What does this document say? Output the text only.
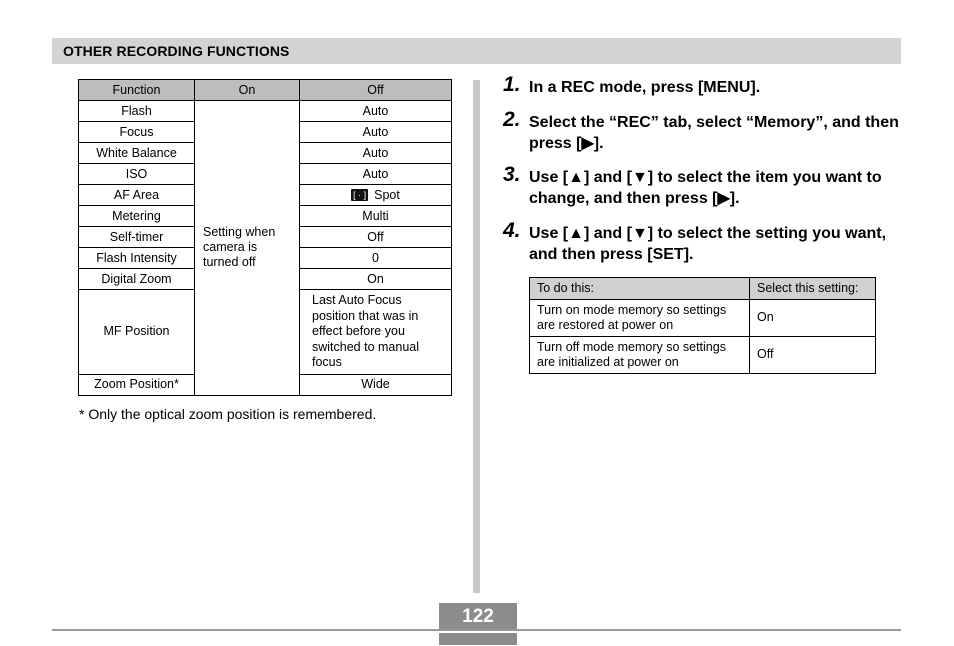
OTHER RECORDING FUNCTIONS
Function	On	Off
Flash	Setting when camera is turned off	Auto
Focus		Auto
White Balance		Auto
ISO		Auto
AF Area		[ · ] Spot
Metering		Multi
Self-timer		Off
Flash Intensity		0
Digital Zoom		On
MF Position		Last Auto Focus position that was in effect before you switched to manual focus
Zoom Position*		Wide
* Only the optical zoom position is remembered.
1. In a REC mode, press [MENU].
2. Select the “REC” tab, select “Memory”, and then press [▶].
3. Use [▲] and [▼] to select the item you want to change, and then press [▶].
4. Use [▲] and [▼] to select the setting you want, and then press [SET].
To do this:	Select this setting:
Turn on mode memory so settings are restored at power on	On
Turn off mode memory so settings are initialized at power on	Off
122
